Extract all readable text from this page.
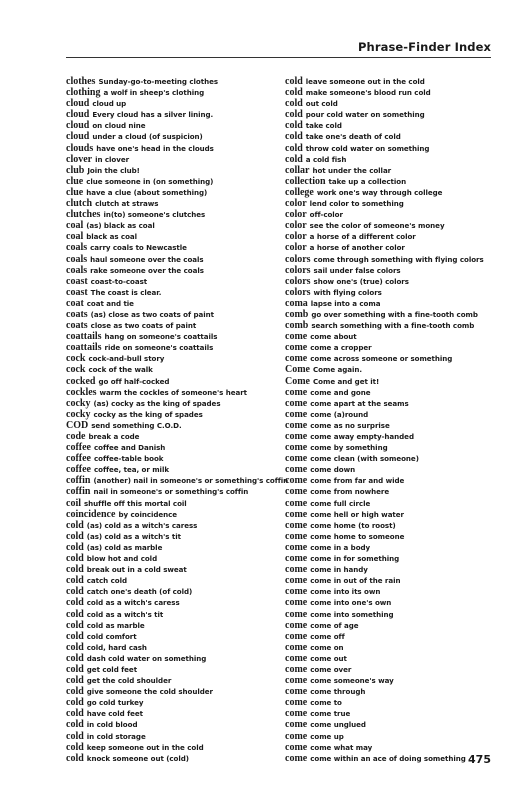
Phrase-Finder Index
clothes Sunday-go-to-meeting clothes
clothing a wolf in sheep's clothing
cloud cloud up
cloud Every cloud has a silver lining.
cloud on cloud nine
cloud under a cloud (of suspicion)
clouds have one's head in the clouds
clover in clover
club Join the club!
clue clue someone in (on something)
clue have a clue (about something)
clutch clutch at straws
clutches in(to) someone's clutches
coal (as) black as coal
coal black as coal
coals carry coals to Newcastle
coals haul someone over the coals
coals rake someone over the coals
coast coast-to-coast
coast The coast is clear.
coat coat and tie
coats (as) close as two coats of paint
coats close as two coats of paint
coattails hang on someone's coattails
coattails ride on someone's coattails
cock cock-and-bull story
cock cock of the walk
cocked go off half-cocked
cockles warm the cockles of someone's heart
cocky (as) cocky as the king of spades
cocky cocky as the king of spades
COD send something C.O.D.
code break a code
coffee coffee and Danish
coffee coffee-table book
coffee coffee, tea, or milk
coffin (another) nail in someone's or something's coffin
coffin nail in someone's or something's coffin
coil shuffle off this mortal coil
coincidence by coincidence
cold (as) cold as a witch's caress
cold (as) cold as a witch's tit
cold (as) cold as marble
cold blow hot and cold
cold break out in a cold sweat
cold catch cold
cold catch one's death (of cold)
cold cold as a witch's caress
cold cold as a witch's tit
cold cold as marble
cold cold comfort
cold cold, hard cash
cold dash cold water on something
cold get cold feet
cold get the cold shoulder
cold give someone the cold shoulder
cold go cold turkey
cold have cold feet
cold in cold blood
cold in cold storage
cold keep someone out in the cold
cold knock someone out (cold)
cold leave someone out in the cold
cold make someone's blood run cold
cold out cold
cold pour cold water on something
cold take cold
cold take one's death of cold
cold throw cold water on something
cold a cold fish
collar hot under the collar
collection take up a collection
college work one's way through college
color lend color to something
color off-color
color see the color of someone's money
color a horse of a different color
color a horse of another color
colors come through something with flying colors
colors sail under false colors
colors show one's (true) colors
colors with flying colors
coma lapse into a coma
comb go over something with a fine-tooth comb
comb search something with a fine-tooth comb
come come about
come come a cropper
come come across someone or something
Come Come again.
Come Come and get it!
come come and gone
come come apart at the seams
come come (a)round
come come as no surprise
come come away empty-handed
come come by something
come come clean (with someone)
come come down
come come from far and wide
come come from nowhere
come come full circle
come come hell or high water
come come home (to roost)
come come home to someone
come come in a body
come come in for something
come come in handy
come come in out of the rain
come come into its own
come come into one's own
come come into something
come come of age
come come off
come come on
come come out
come come over
come come someone's way
come come through
come come to
come come true
come come unglued
come come up
come come what may
come come within an ace of doing something 475
